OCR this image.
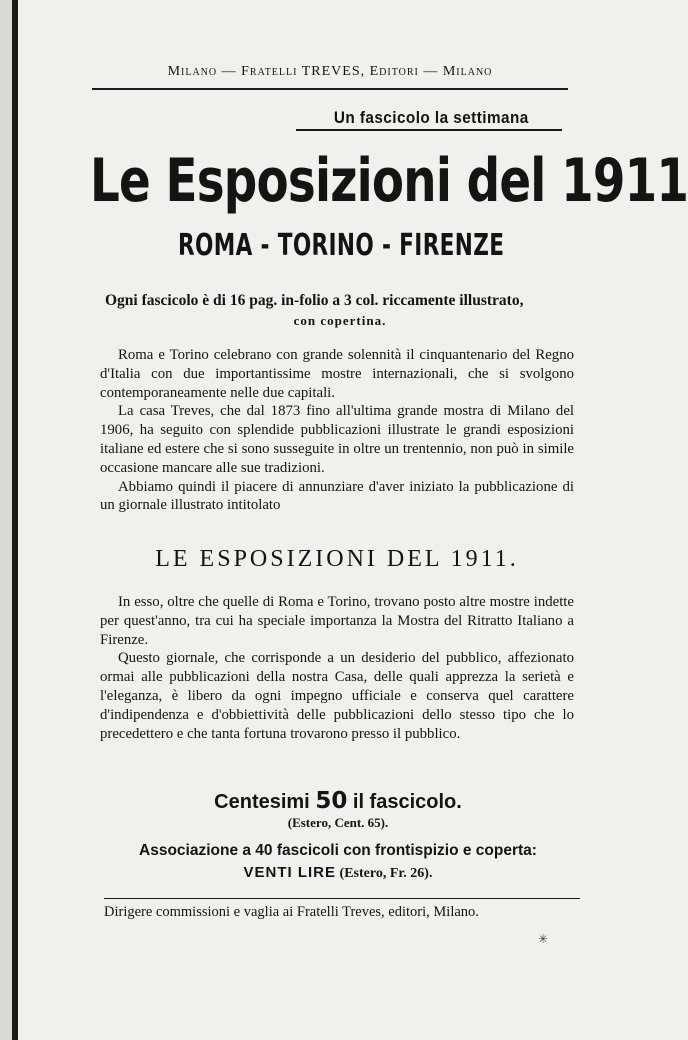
Milano — Fratelli TREVES, Editori — Milano
Un fascicolo la settimana
Le Esposizioni del 1911
ROMA - TORINO - FIRENZE
Ogni fascicolo è di 16 pag. in-folio a 3 col. riccamente illustrato,
con copertina.

Roma e Torino celebrano con grande solennità il cinquantenario del Regno d'Italia con due importantissime mostre internazionali, che si svolgono contemporaneamente nelle due capitali.

La casa Treves, che dal 1873 fino all'ultima grande mostra di Milano del 1906, ha seguito con splendide pubblicazioni illustrate le grandi esposizioni italiane ed estere che si sono susseguite in oltre un trentennio, non può in simile occasione mancare alle sue tradizioni.

Abbiamo quindi il piacere di annunziare d'aver iniziato la pubblicazione di un giornale illustrato intitolato

LE ESPOSIZIONI DEL 1911.

In esso, oltre che quelle di Roma e Torino, trovano posto altre mostre indette per quest'anno, tra cui ha speciale importanza la Mostra del Ritratto Italiano a Firenze.

Questo giornale, che corrisponde a un desiderio del pubblico, affezionato ormai alle pubblicazioni della nostra Casa, delle quali apprezza la serietà e l'eleganza, è libero da ogni impegno ufficiale e conserva quel carattere d'indipendenza e d'obbiettività delle pubblicazioni dello stesso tipo che lo precedettero e che tanta fortuna trovarono presso il pubblico.

Centesimi 50 il fascicolo.
(Estero, Cent. 65).
Associazione a 40 fascicoli con frontispizio e coperta:
VENTI LIRE (Estero, Fr. 26).
Dirigere commissioni e vaglia ai Fratelli Treves, editori, Milano.
✳
